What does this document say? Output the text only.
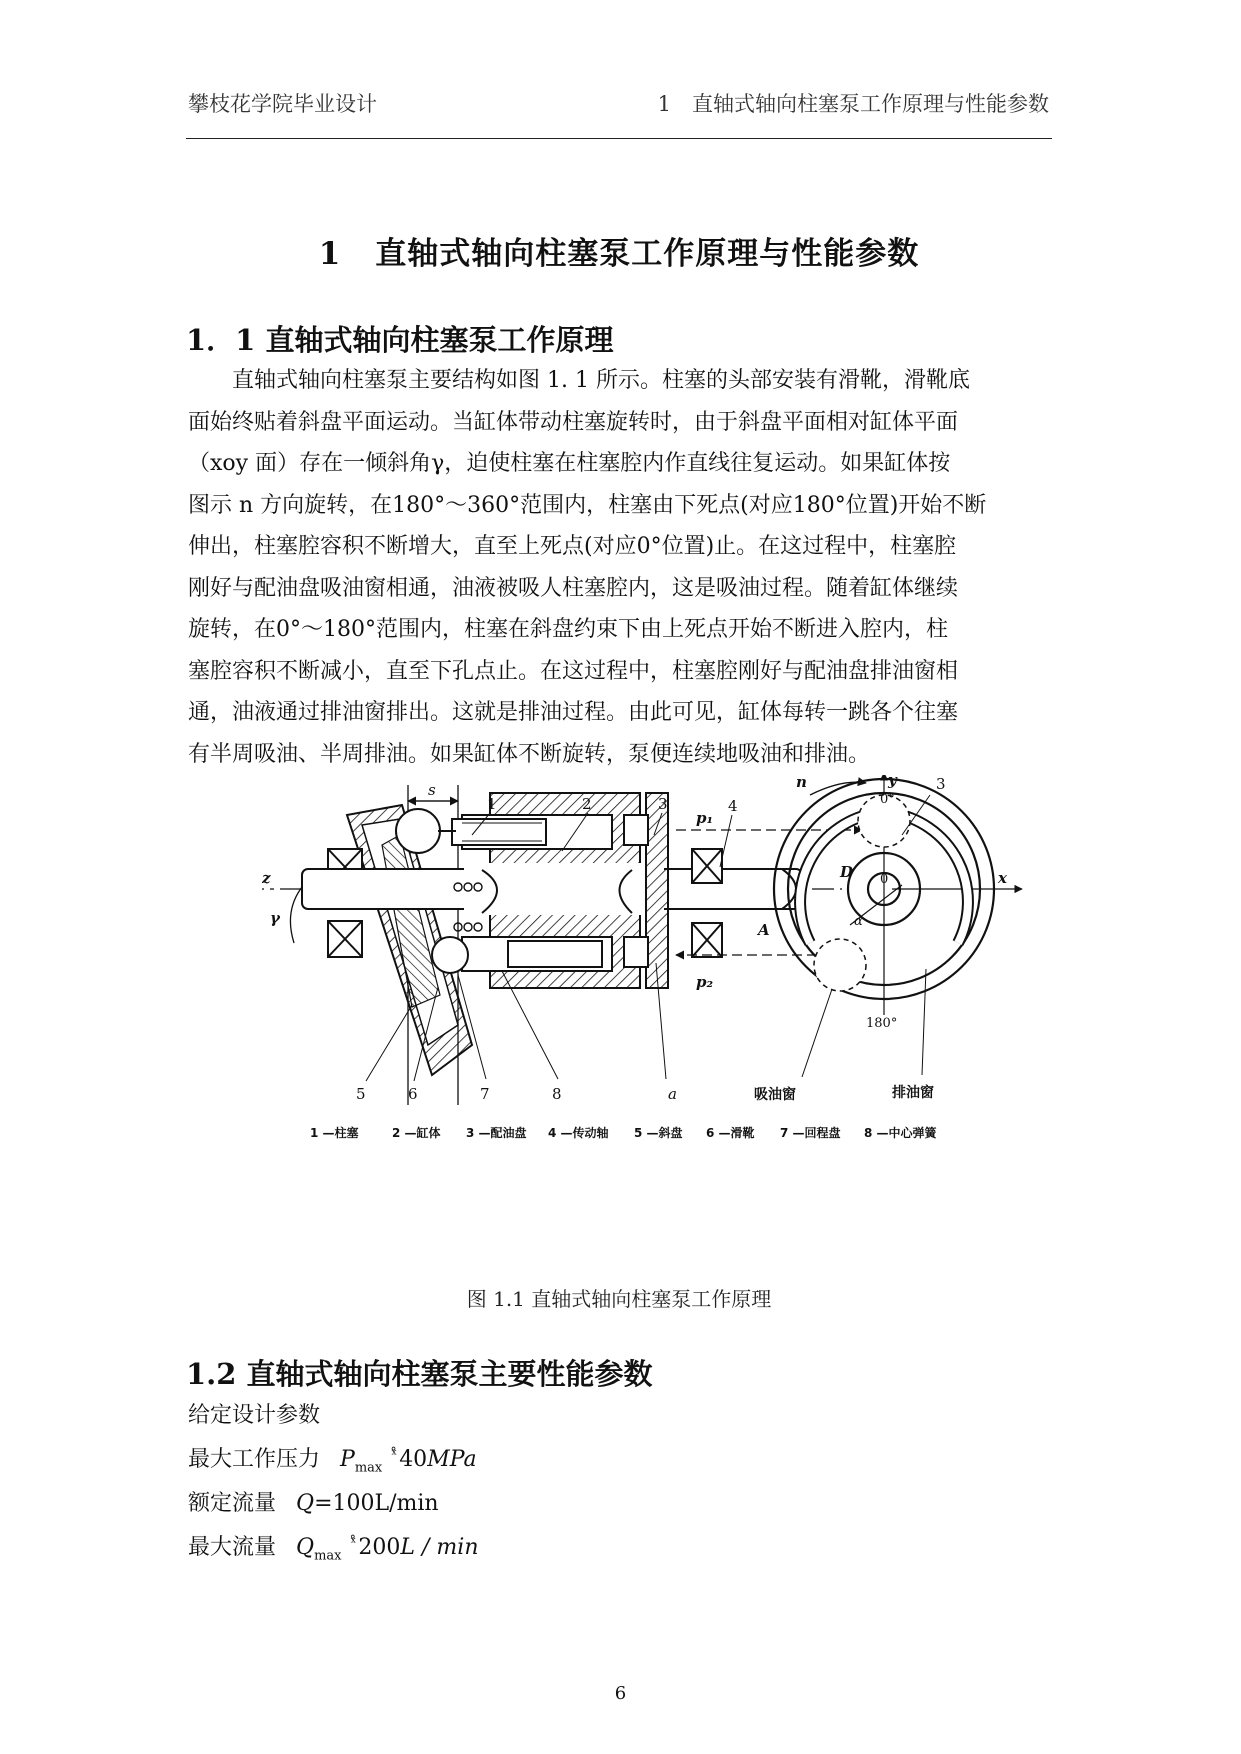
攀枝花学院毕业设计	1　直轴式轴向柱塞泵工作原理与性能参数
1 直轴式轴向柱塞泵工作原理与性能参数
1．1 直轴式轴向柱塞泵工作原理
直轴式轴向柱塞泵主要结构如图 1. 1 所示。柱塞的头部安装有滑靴，滑靴底
面始终贴着斜盘平面运动。当缸体带动柱塞旋转时，由于斜盘平面相对缸体平面
（xoy 面）存在一倾斜角γ，迫使柱塞在柱塞腔内作直线往复运动。如果缸体按
图示 n 方向旋转，在180°～360°范围内，柱塞由下死点(对应180°位置)开始不断
伸出，柱塞腔容积不断增大，直至上死点(对应0°位置)止。在这过程中，柱塞腔
刚好与配油盘吸油窗相通，油液被吸人柱塞腔内，这是吸油过程。随着缸体继续
旋转，在0°～180°范围内，柱塞在斜盘约束下由上死点开始不断进入腔内，柱
塞腔容积不断减小，直至下孔点止。在这过程中，柱塞腔刚好与配油盘排油窗相
通，油液通过排油窗排出。这就是排油过程。由此可见，缸体每转一跳各个往塞
有半周吸油、半周排油。如果缸体不断旋转，泵便连续地吸油和排油。
s
1	2	3	4
3
y
0°
n
p₁
p₂
z	x
γ
D 0
A	α
180°
5	6	7	8	a	吸油窗	排油窗
1 —柱塞	2 —缸体 3 —配油盘 4 —传动轴 5 —斜盘 6 —滑靴 7 —回程盘 8 —中心弹簧
图 1.1 直轴式轴向柱塞泵工作原理
1.2 直轴式轴向柱塞泵主要性能参数
给定设计参数
最大工作压力 $P_{max}$ $^{ˣ̊}$40MPa
额定流量 Q=100L/min
最大流量 $Q_{max}$ $^{ˣ̊}$200L / min
6
